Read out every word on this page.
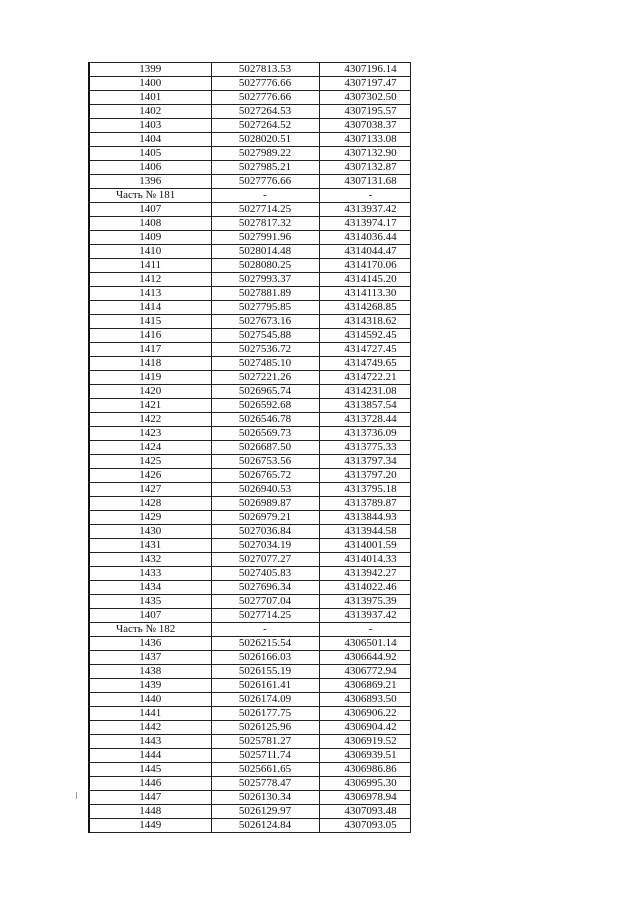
1399	5027813.53	4307196.14
1400	5027776.66	4307197.47
1401	5027776.66	4307302.50
1402	5027264.53	4307195.57
1403	5027264.52	4307038.37
1404	5028020.51	4307133.08
1405	5027989.22	4307132.90
1406	5027985.21	4307132.87
1396	5027776.66	4307131.68
Часть № 181	-	-
1407	5027714.25	4313937.42
1408	5027817.32	4313974.17
1409	5027991.96	4314036.44
1410	5028014.48	4314044.47
1411	5028080.25	4314170.06
1412	5027993.37	4314145.20
1413	5027881.89	4314113.30
1414	5027795.85	4314268.85
1415	5027673.16	4314318.62
1416	5027545.88	4314592.45
1417	5027536.72	4314727.45
1418	5027485.10	4314749.65
1419	5027221.26	4314722.21
1420	5026965.74	4314231.08
1421	5026592.68	4313857.54
1422	5026546.78	4313728.44
1423	5026569.73	4313736.09
1424	5026687.50	4313775.33
1425	5026753.56	4313797.34
1426	5026765.72	4313797.20
1427	5026940.53	4313795.18
1428	5026989.87	4313789.87
1429	5026979.21	4313844.93
1430	5027036.84	4313944.58
1431	5027034.19	4314001.59
1432	5027077.27	4314014.33
1433	5027405.83	4313942.27
1434	5027696.34	4314022.46
1435	5027707.04	4313975.39
1407	5027714.25	4313937.42
Часть № 182	-	-
1436	5026215.54	4306501.14
1437	5026166.03	4306644.92
1438	5026155.19	4306772.94
1439	5026161.41	4306869.21
1440	5026174.09	4306893.50
1441	5026177.75	4306906.22
1442	5026125.96	4306904.42
1443	5025781.27	4306919.52
1444	5025711.74	4306939.51
1445	5025661.65	4306986.86
1446	5025778.47	4306995.30
1447	5026130.34	4306978.94
1448	5026129.97	4307093.48
1449	5026124.84	4307093.05
